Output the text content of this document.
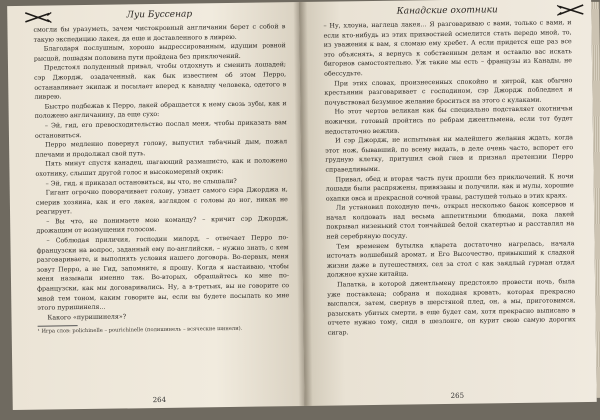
Луи Буссенар

смогли бы уразуметь, зачем чистокровный англичанин берет с собой в такую экспедицию лакея, да еще и доставленного в ливрею.

Благодаря послушным, хорошо выдрессированным, идущим ровной рысцой, лошадям половина пути пройдена без приключений.

Предстоял полуденный привал, чтобы отдохнуть и сменить лошадей; сэр Джордж, озадаченный, как бык известием об этом Перро, останавливает экипаж и посылает вперед к канадцу человека, одетого в ливрею.

Быстро подбежав к Перро, лакей обращается к нему свозь зубы, как и положено англичанину, да еще сухо:

– Эй, гид, его превосходительство послал меня, чтобы приказать вам остановиться.

Перро медленно повернул голову, выпустил табачный дым, пожал плечами и продолжал свой путь.

Пять минут спустя канадец, шагающий размашисто, как и положено охотнику, слышит другой голос и высокомерный окрик:

– Эй, гид, я приказал остановиться, вы что, не слышали?

Гигант огрочно поворачивает голову, узнает самого сэра Джорджа и, смерив хозяина, как и его лакея, взглядом с головы до ног, никак не реагирует.

– Вы что, не понимаете мою команду? – кричит сэр Джордж, дрожащим от возмущения голосом.

– Соблюдая приличия, господин милорд, – отвечает Перро по-французски на вопрос, заданный ему по-английски, – нужно знать, с кем разговариваете, и выполнять условия нашего договора. Во-первых, меня зовут Перро, а не Гид, запомните, я прошу. Когда я настаиваю, чтобы меня называли именно так. Во-вторых, обращайтесь ко мне по-французски, как мы договаривались. Ну, а в-третьих, вы не говорите со мной тем тоном, каким говорите вы, если вы будете посылать ко мне этого пуришинеля…

Какого «пуришинеля»?

¹ Игра слов: polichinelle – pourichinelle (полишинель – всяческие шинели).
264
Канадские охотники

– Ну, хлоуна, наглеца лакея… Я разговариваю с вами, только с вами, и если кто-нибудь из этих прихвостней осмелится стать передо мной, то, из уважения к вам, я сломаю ему хребет. А если придется еще раз все это объяснять, я вернусь к собственным делам и оставлю вас искать бигорнов самостоятельно. Уж такие мы есть – французы из Канады, не обессудьте.

При этих словах, произнесенных спокойно и хитрой, как обычно крестьянин разговаривает с господином, сэр Джордж побледнел и почувствовал безумное желание броситься на этого с кулаками.

Но этот чертов великан как бы специально подставляет охотничьи ножички, готовый пройтись по ребрам джентльмена, если тот будет недостаточно вежлив.

И сэр Джордж, не испытывая ни малейшего желания ждать, когда этот нож, бывавший, по всему видать, в деле очень часто, вспорет его грудную клетку, притушил свой гнев и признал претензии Перро справедливыми.

Привал, обед и вторая часть пути прошли без приключений. К ночи лошади были распряжены, привязаны и получили, как и мулы, хорошие охапки овса и прекрасной сочной травы, растущей только в этих краях.

Ли установил походную печь, открыл несколько банок консервов и начал колдовать над весьма аппетитными блюдами, пока лакей покрывал низенький стол тончайшей белой скатертью и расставлял на ней серебряную посуду.

Тем временем бутылка кларета достаточно нагрелась, начала источать волшебный аромат, и Его Высочество, привыкший к сладкой жизни даже в путешествиях, сел за стол с как заядлый гурман отдал должное кухне китайца.

Палатка, в которой джентльмену предстояло провести ночь, была уже поставлена; собрана и походная кровать, которая прекрасно выспался, затем, свернув в шерстяной плед, он, а мы, приготовимся, разыскать убитых смерти, в еще будет сам, хотя прекрасно выписано в отчете нужно тому, сидя в шезлонге, он курит свою самую дорогих сигар.

265
